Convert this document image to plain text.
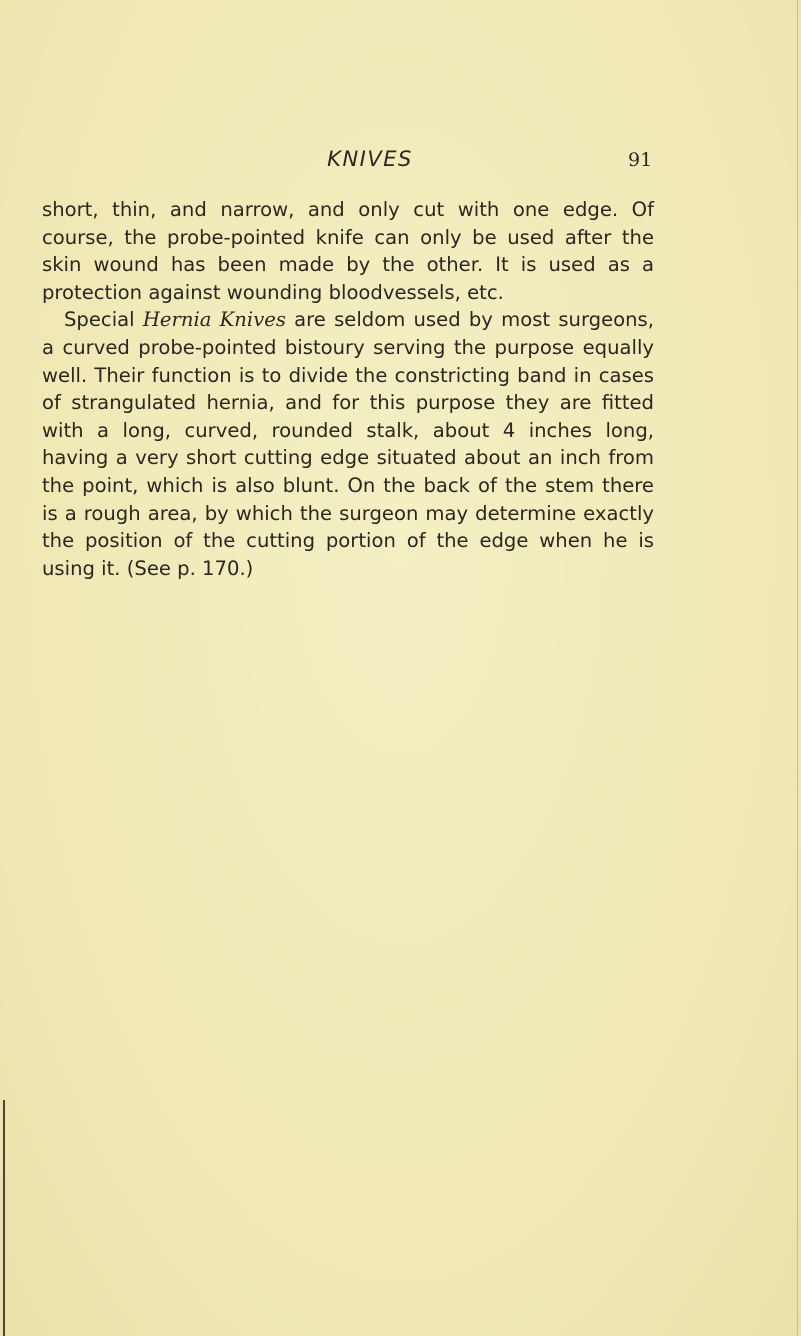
KNIVES	91

short, thin, and narrow, and only cut with one edge. Of course, the probe-pointed knife can only be used after the skin wound has been made by the other. It is used as a protection against wounding bloodvessels, etc.

Special Hernia Knives are seldom used by most surgeons, a curved probe-pointed bistoury serving the purpose equally well. Their function is to divide the constricting band in cases of strangulated hernia, and for this purpose they are fitted with a long, curved, rounded stalk, about 4 inches long, having a very short cutting edge situated about an inch from the point, which is also blunt. On the back of the stem there is a rough area, by which the surgeon may determine exactly the position of the cutting portion of the edge when he is using it. (See p. 170.)
